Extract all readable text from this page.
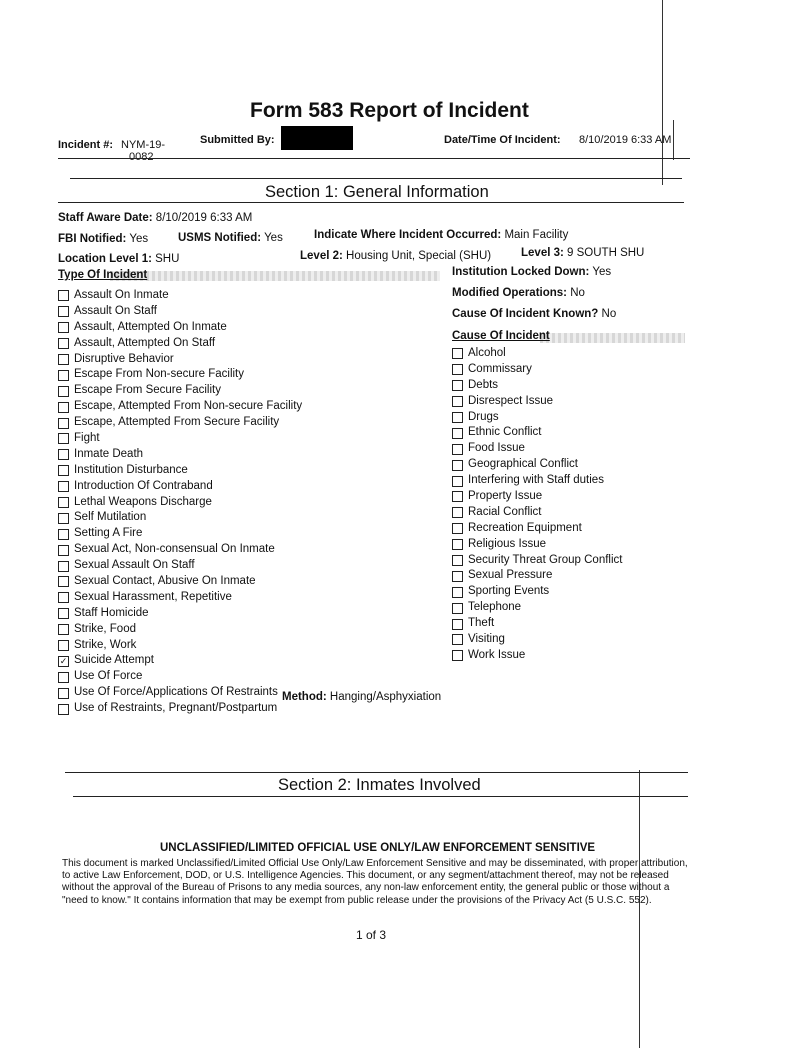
Form 583 Report of Incident
Incident #: NYM-19-
0082
Submitted By:	Date/Time Of Incident: 8/10/2019 6:33 AM
Section 1: General Information
Staff Aware Date: 8/10/2019 6:33 AM
FBI Notified: Yes	USMS Notified: Yes	Indicate Where Incident Occurred: Main Facility
Location Level 1: SHU	Level 2: Housing Unit, Special (SHU)	Level 3: 9 SOUTH SHU
Type Of Incident	Institution Locked Down: Yes
Modified Operations: No
Cause Of Incident Known? No
Cause Of Incident
Assault On Inmate
Assault On Staff
Assault, Attempted On Inmate
Assault, Attempted On Staff
Disruptive Behavior
Escape From Non-secure Facility
Escape From Secure Facility
Escape, Attempted From Non-secure Facility
Escape, Attempted From Secure Facility
Fight
Inmate Death
Institution Disturbance
Introduction Of Contraband
Lethal Weapons Discharge
Self Mutilation
Setting A Fire
Sexual Act, Non-consensual On Inmate
Sexual Assault On Staff
Sexual Contact, Abusive On Inmate
Sexual Harassment, Repetitive
Staff Homicide
Strike, Food
Strike, Work
✓ Suicide Attempt
Use Of Force
Use Of Force/Applications Of Restraints
Use of Restraints, Pregnant/Postpartum
Alcohol
Commissary
Debts
Disrespect Issue
Drugs
Ethnic Conflict
Food Issue
Geographical Conflict
Interfering with Staff duties
Property Issue
Racial Conflict
Recreation Equipment
Religious Issue
Security Threat Group Conflict
Sexual Pressure
Sporting Events
Telephone
Theft
Visiting
Work Issue
Method: Hanging/Asphyxiation
Section 2: Inmates Involved
UNCLASSIFIED/LIMITED OFFICIAL USE ONLY/LAW ENFORCEMENT SENSITIVE
This document is marked Unclassified/Limited Official Use Only/Law Enforcement Sensitive and may be disseminated, with proper attribution, to active Law Enforcement, DOD, or U.S. Intelligence Agencies. This document, or any segment/attachment thereof, may not be released without the approval of the Bureau of Prisons to any media sources, any non-law enforcement entity, the general public or those without a "need to know." It contains information that may be exempt from public release under the provisions of the Privacy Act (5 U.S.C. 552).
1 of 3
